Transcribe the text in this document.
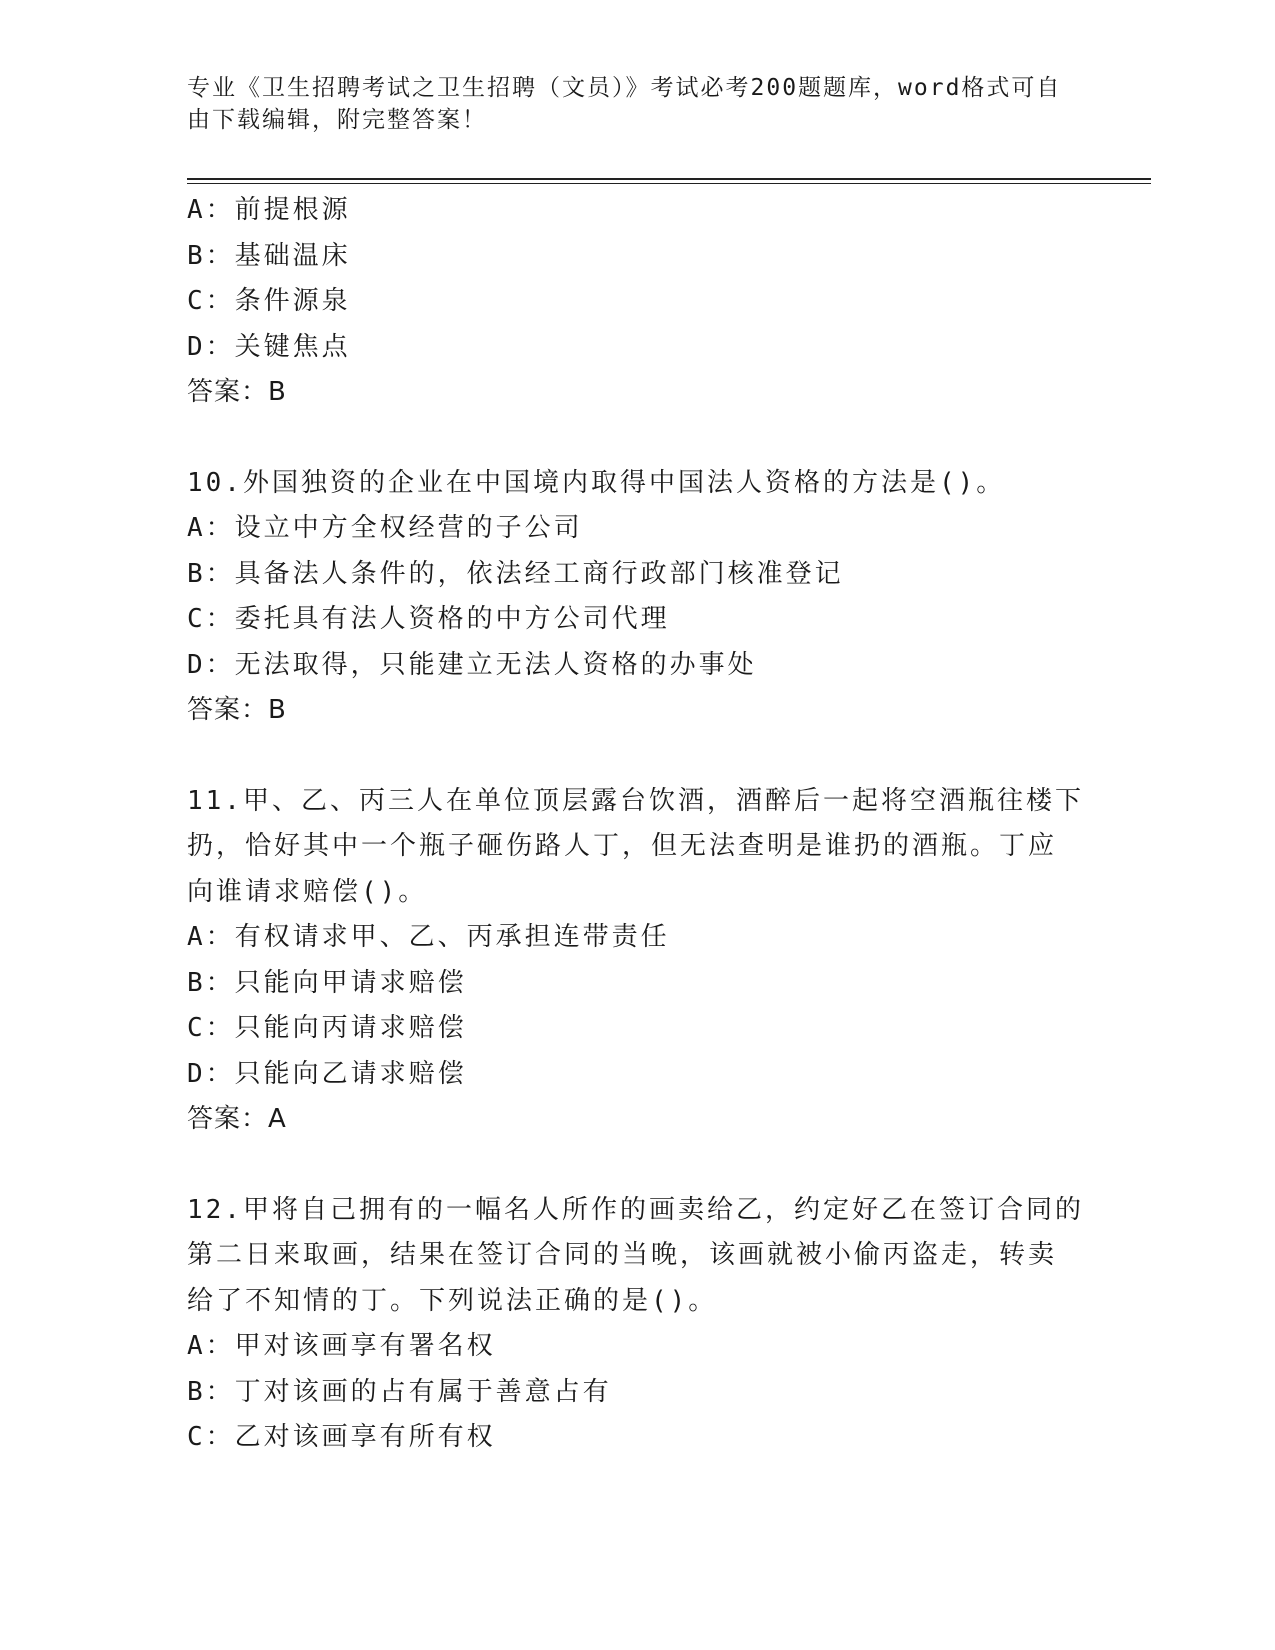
专业《卫生招聘考试之卫生招聘（文员）》考试必考200题题库，word格式可自
由下载编辑，附完整答案！
A：前提根源
B：基础温床
C：条件源泉
D：关键焦点
答案：B
10.外国独资的企业在中国境内取得中国法人资格的方法是()。
A：设立中方全权经营的子公司
B：具备法人条件的，依法经工商行政部门核准登记
C：委托具有法人资格的中方公司代理
D：无法取得，只能建立无法人资格的办事处
答案：B
11.甲、乙、丙三人在单位顶层露台饮酒，酒醉后一起将空酒瓶往楼下
扔，恰好其中一个瓶子砸伤路人丁，但无法查明是谁扔的酒瓶。丁应
向谁请求赔偿()。
A：有权请求甲、乙、丙承担连带责任
B：只能向甲请求赔偿
C：只能向丙请求赔偿
D：只能向乙请求赔偿
答案：A
12.甲将自己拥有的一幅名人所作的画卖给乙，约定好乙在签订合同的
第二日来取画，结果在签订合同的当晚，该画就被小偷丙盗走，转卖
给了不知情的丁。下列说法正确的是()。
A：甲对该画享有署名权
B：丁对该画的占有属于善意占有
C：乙对该画享有所有权
